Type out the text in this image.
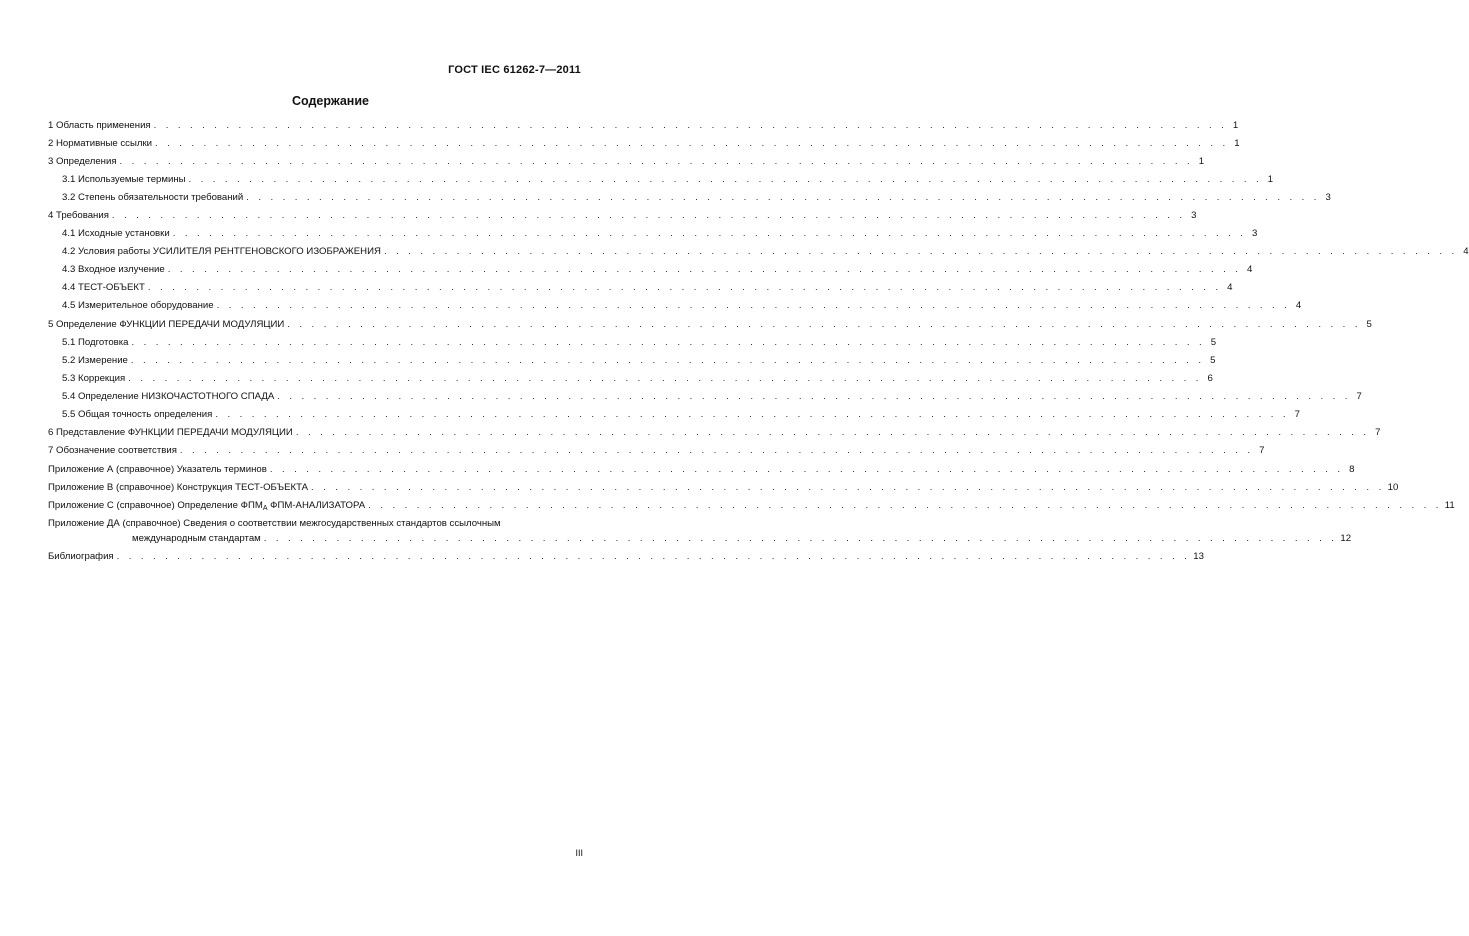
ГОСТ IEC 61262-7—2011
Содержание
1 Область применения . . . . . . . . . . . . . . . . . . . . . . . . . . . . . . . . . . . . . . . . . . . . . . . . . . . . . . . . . . . . . . . . . . . . . . . . . . . . . . . . . . . . . . . . . 1
2 Нормативные ссылки . . . . . . . . . . . . . . . . . . . . . . . . . . . . . . . . . . . . . . . . . . . . . . . . . . . . . . . . . . . . . . . . . . . . . . . . . . . . . . . . . . . . . . . . . 1
3 Определения . . . . . . . . . . . . . . . . . . . . . . . . . . . . . . . . . . . . . . . . . . . . . . . . . . . . . . . . . . . . . . . . . . . . . . . . . . . . . . . . . . . . . . . . . 1
3.1 Используемые термины . . . . . . . . . . . . . . . . . . . . . . . . . . . . . . . . . . . . . . . . . . . . . . . . . . . . . . . . . . . . . . . . . . . . . . . . . . . . . . . . . . . . . . . . . 1
3.2 Степень обязательности требований . . . . . . . . . . . . . . . . . . . . . . . . . . . . . . . . . . . . . . . . . . . . . . . . . . . . . . . . . . . . . . . . . . . . . . . . . . . . . . . . . . . . . . . . . 3
4 Требования . . . . . . . . . . . . . . . . . . . . . . . . . . . . . . . . . . . . . . . . . . . . . . . . . . . . . . . . . . . . . . . . . . . . . . . . . . . . . . . . . . . . . . . . . 3
4.1 Исходные установки . . . . . . . . . . . . . . . . . . . . . . . . . . . . . . . . . . . . . . . . . . . . . . . . . . . . . . . . . . . . . . . . . . . . . . . . . . . . . . . . . . . . . . . . . 3
4.2 Условия работы УСИЛИТЕЛЯ РЕНТГЕНОВСКОГО ИЗОБРАЖЕНИЯ . . . . . . . . . . . . . . . . . . . . . . . . . . . . . . . . . . . . . . . . . . . . . . . . . . . . . . . . . . . . . . . . . . . . . . . . . . . . . . . . . . . . . . . . . 4
4.3 Входное излучение . . . . . . . . . . . . . . . . . . . . . . . . . . . . . . . . . . . . . . . . . . . . . . . . . . . . . . . . . . . . . . . . . . . . . . . . . . . . . . . . . . . . . . . . . 4
4.4 ТЕСТ-ОБЪЕКТ . . . . . . . . . . . . . . . . . . . . . . . . . . . . . . . . . . . . . . . . . . . . . . . . . . . . . . . . . . . . . . . . . . . . . . . . . . . . . . . . . . . . . . . . . 4
4.5 Измерительное оборудование . . . . . . . . . . . . . . . . . . . . . . . . . . . . . . . . . . . . . . . . . . . . . . . . . . . . . . . . . . . . . . . . . . . . . . . . . . . . . . . . . . . . . . . . . 4
5 Определение ФУНКЦИИ ПЕРЕДАЧИ МОДУЛЯЦИИ . . . . . . . . . . . . . . . . . . . . . . . . . . . . . . . . . . . . . . . . . . . . . . . . . . . . . . . . . . . . . . . . . . . . . . . . . . . . . . . . . . . . . . . . . 5
5.1 Подготовка . . . . . . . . . . . . . . . . . . . . . . . . . . . . . . . . . . . . . . . . . . . . . . . . . . . . . . . . . . . . . . . . . . . . . . . . . . . . . . . . . . . . . . . . . 5
5.2 Измерение . . . . . . . . . . . . . . . . . . . . . . . . . . . . . . . . . . . . . . . . . . . . . . . . . . . . . . . . . . . . . . . . . . . . . . . . . . . . . . . . . . . . . . . . . 5
5.3 Коррекция . . . . . . . . . . . . . . . . . . . . . . . . . . . . . . . . . . . . . . . . . . . . . . . . . . . . . . . . . . . . . . . . . . . . . . . . . . . . . . . . . . . . . . . . . 6
5.4 Определение НИЗКОЧАСТОТНОГО СПАДА . . . . . . . . . . . . . . . . . . . . . . . . . . . . . . . . . . . . . . . . . . . . . . . . . . . . . . . . . . . . . . . . . . . . . . . . . . . . . . . . . . . . . . . . . 7
5.5 Общая точность определения . . . . . . . . . . . . . . . . . . . . . . . . . . . . . . . . . . . . . . . . . . . . . . . . . . . . . . . . . . . . . . . . . . . . . . . . . . . . . . . . . . . . . . . . . 7
6 Представление ФУНКЦИИ ПЕРЕДАЧИ МОДУЛЯЦИИ . . . . . . . . . . . . . . . . . . . . . . . . . . . . . . . . . . . . . . . . . . . . . . . . . . . . . . . . . . . . . . . . . . . . . . . . . . . . . . . . . . . . . . . . . 7
7 Обозначение соответствия . . . . . . . . . . . . . . . . . . . . . . . . . . . . . . . . . . . . . . . . . . . . . . . . . . . . . . . . . . . . . . . . . . . . . . . . . . . . . . . . . . . . . . . . . 7
Приложение А (справочное) Указатель терминов . . . . . . . . . . . . . . . . . . . . . . . . . . . . . . . . . . . . . . . . . . . . . . . . . . . . . . . . . . . . . . . . . . . . . . . . . . . . . . . . . . . . . . . . . 8
Приложение В (справочное) Конструкция ТЕСТ-ОБЪЕКТА . . . . . . . . . . . . . . . . . . . . . . . . . . . . . . . . . . . . . . . . . . . . . . . . . . . . . . . . . . . . . . . . . . . . . . . . . . . . . . . . . . . . . . . . . 10
Приложение С (справочное) Определение $ФПМ_A$ ФПМ-АНАЛИЗАТОРА . . . . . . . . . . . . . . . . . . . . . . . . . . . . . . . . . . . . . . . . . . . . . . . . . . . . . . . . . . . . . . . . . . . . . . . . . . . . . . . . . . . . . . . . . 11
Приложение ДА (справочное) Сведения о соответствии межгосударственных стандартов ссылочным
международным стандартам . . . . . . . . . . . . . . . . . . . . . . . . . . . . . . . . . . . . . . . . . . . . . . . . . . . . . . . . . . . . . . . . . . . . . . . . . . . . . . . . . . . . . . . . . 12
Библиография . . . . . . . . . . . . . . . . . . . . . . . . . . . . . . . . . . . . . . . . . . . . . . . . . . . . . . . . . . . . . . . . . . . . . . . . . . . . . . . . . . . . . . . . . 13
III
